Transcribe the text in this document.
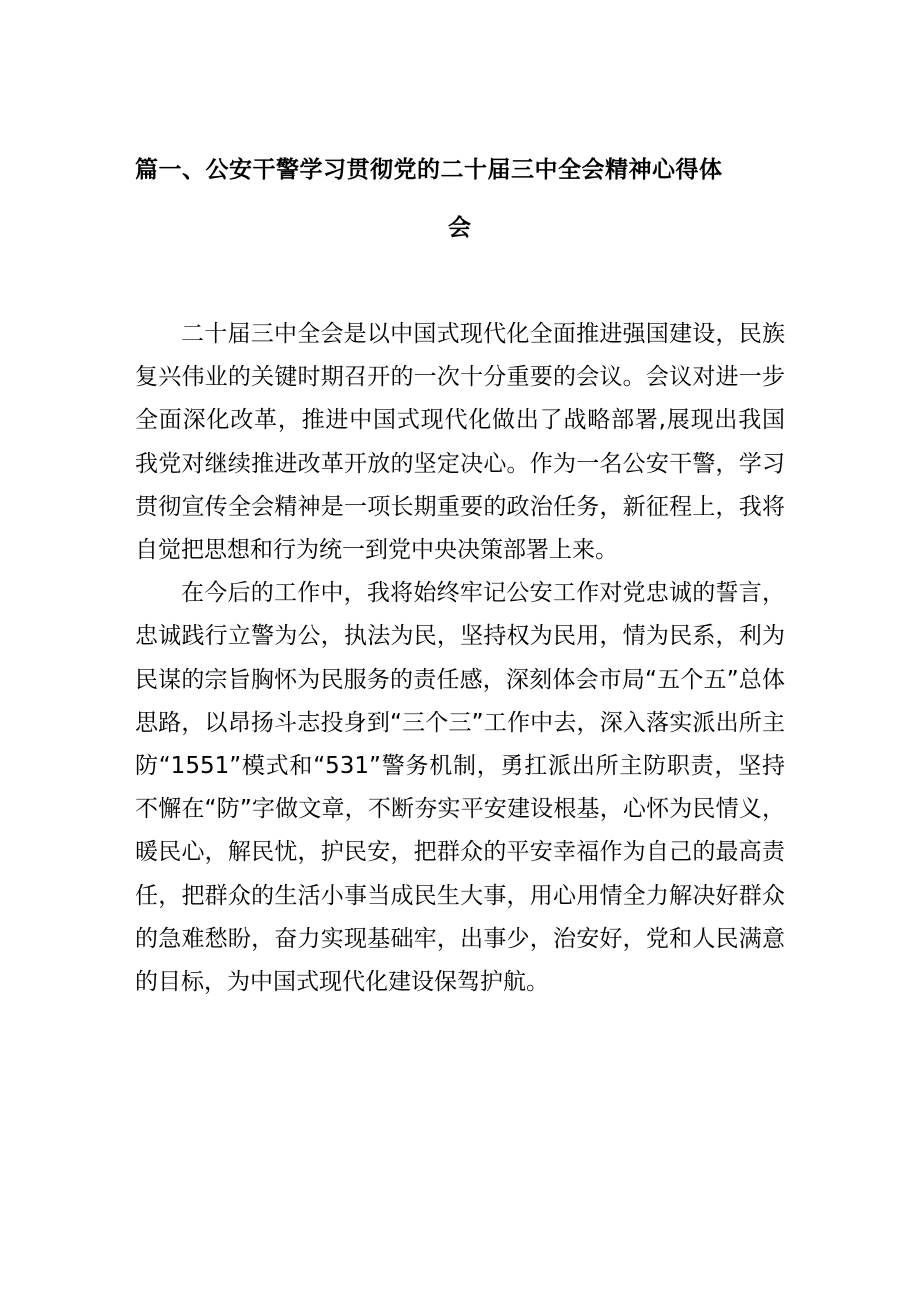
篇一、公安干警学习贯彻党的二十届三中全会精神心得体
会

二十届三中全会是以中国式现代化全面推进强国建设，民族复兴伟业的关键时期召开的一次十分重要的会议。会议对进一步全面深化改革，推进中国式现代化做出了战略部署,展现出我国我党对继续推进改革开放的坚定决心。作为一名公安干警，学习贯彻宣传全会精神是一项长期重要的政治任务，新征程上，我将自觉把思想和行为统一到党中央决策部署上来。

在今后的工作中，我将始终牢记公安工作对党忠诚的誓言，忠诚践行立警为公，执法为民，坚持权为民用，情为民系，利为民谋的宗旨胸怀为民服务的责任感，深刻体会市局“五个五”总体思路，以昂扬斗志投身到“三个三”工作中去，深入落实派出所主防“1551”模式和“531”警务机制，勇扛派出所主防职责，坚持不懈在“防”字做文章，不断夯实平安建设根基，心怀为民情义，暖民心，解民忧，护民安，把群众的平安幸福作为自己的最高责任，把群众的生活小事当成民生大事，用心用情全力解决好群众的急难愁盼，奋力实现基础牢，出事少，治安好，党和人民满意的目标，为中国式现代化建设保驾护航。
